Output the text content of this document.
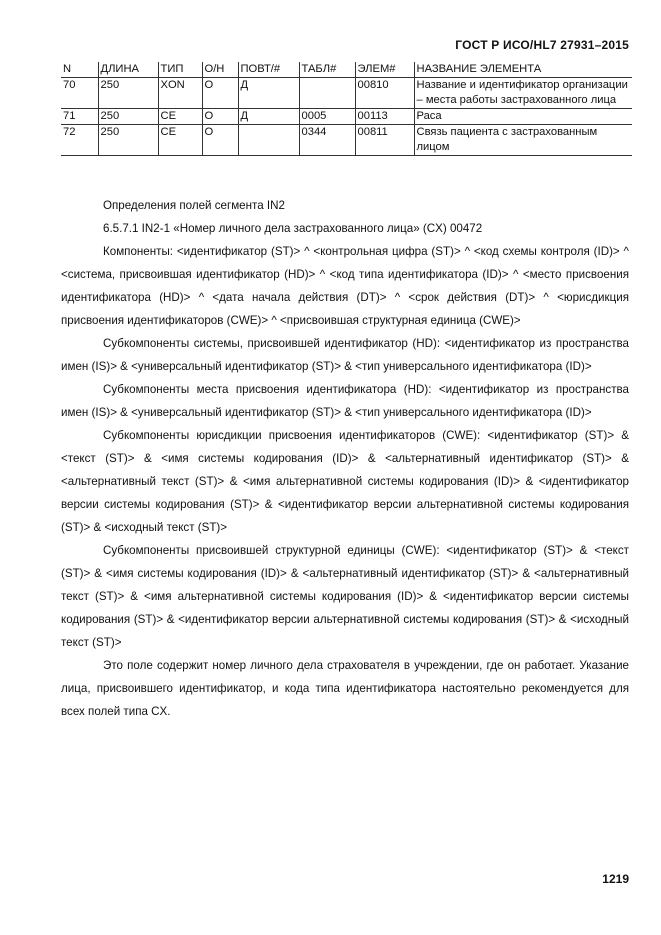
ГОСТ Р ИСО/HL7 27931–2015
N	ДЛИНА	ТИП	О/Н	ПОВТ/#	ТАБЛ#	ЭЛЕМ#	НАЗВАНИЕ ЭЛЕМЕНТА
70	250	XON	O	Д		00810	Название и идентификатор организации – места работы застрахованного лица
71	250	CE	O	Д	0005	00113	Раса
72	250	CE	O		0344	00811	Связь пациента с застрахованным лицом

Определения полей сегмента IN2

6.5.7.1 IN2-1 «Номер личного дела застрахованного лица» (CX) 00472

Компоненты: <идентификатор (ST)> ^ <контрольная цифра (ST)> ^ <код схемы контроля (ID)> ^ <система, присвоившая идентификатор (HD)> ^ <код типа идентификатора (ID)> ^ <место присвоения идентификатора (HD)> ^ <дата начала действия (DT)> ^ <срок действия (DT)> ^ <юрисдикция присвоения идентификаторов (CWE)> ^ <присвоившая структурная единица (CWE)>

Субкомпоненты системы, присвоившей идентификатор (HD): <идентификатор из пространства имен (IS)> & <универсальный идентификатор (ST)> & <тип универсального идентификатора (ID)>

Субкомпоненты места присвоения идентификатора (HD): <идентификатор из пространства имен (IS)> & <универсальный идентификатор (ST)> & <тип универсального идентификатора (ID)>

Субкомпоненты юрисдикции присвоения идентификаторов (CWE): <идентификатор (ST)> & <текст (ST)> & <имя системы кодирования (ID)> & <альтернативный идентификатор (ST)> & <альтернативный текст (ST)> & <имя альтернативной системы кодирования (ID)> & <идентификатор версии системы кодирования (ST)> & <идентификатор версии альтернативной системы кодирования (ST)> & <исходный текст (ST)>

Субкомпоненты присвоившей структурной единицы (CWE): <идентификатор (ST)> & <текст (ST)> & <имя системы кодирования (ID)> & <альтернативный идентификатор (ST)> & <альтернативный текст (ST)> & <имя альтернативной системы кодирования (ID)> & <идентификатор версии системы кодирования (ST)> & <идентификатор версии альтернативной системы кодирования (ST)> & <исходный текст (ST)>

Это поле содержит номер личного дела страхователя в учреждении, где он работает. Указание лица, присвоившего идентификатор, и кода типа идентификатора настоятельно рекомендуется для всех полей типа CX.

1219
